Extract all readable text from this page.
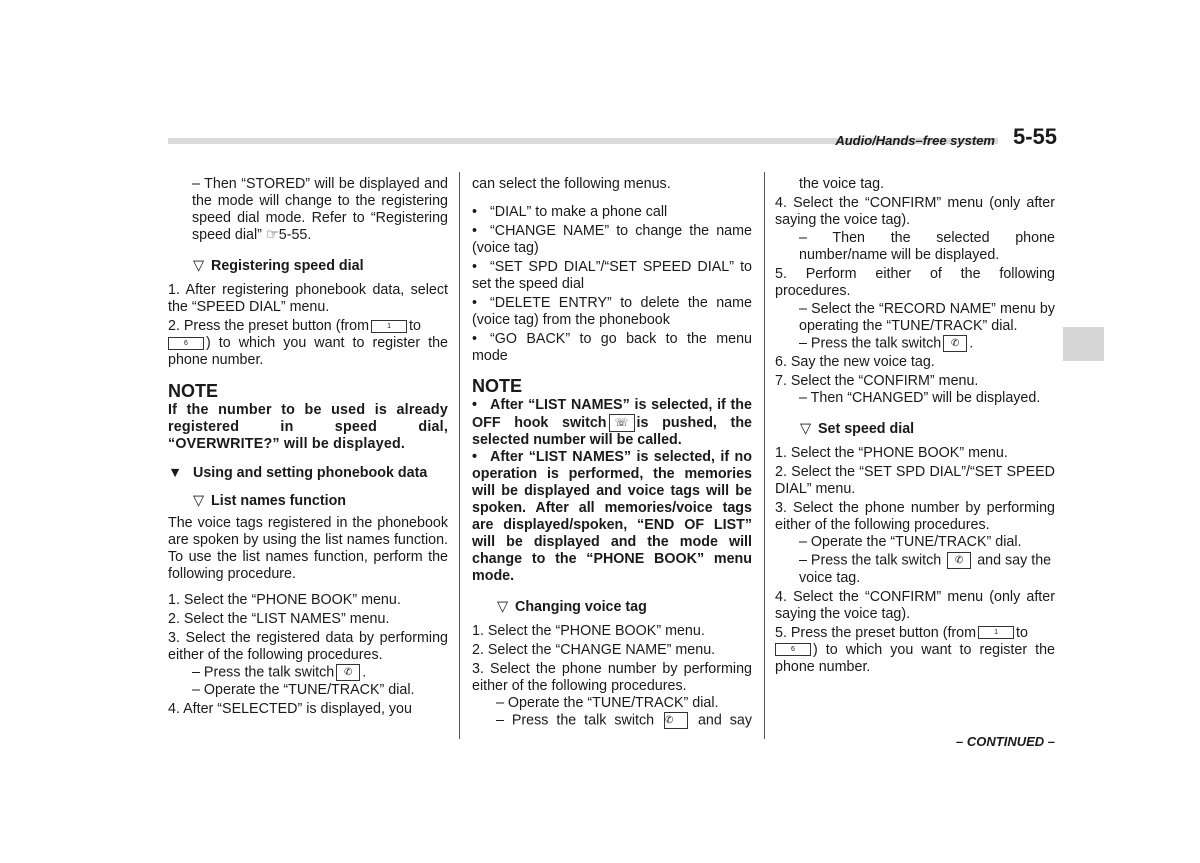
Audio/Hands–free system 5-55

– Then “STORED” will be displayed and the mode will change to the registering speed dial mode. Refer to “Registering speed dial” ☞5-55.

▽ Registering speed dial

1. After registering phonebook data, select the “SPEED DIAL” menu.

2. Press the preset button (from	1 to
6 ) to which you want to register the phone number.

NOTE

If the number to be used is already registered in speed dial, “OVERWRITE?” will be displayed.

▼ Using and setting phonebook data

▽ List names function

The voice tags registered in the phonebook are spoken by using the list names function. To use the list names function, perform the following procedure.

1. Select the “PHONE BOOK” menu.

2. Select the “LIST NAMES” menu.

3. Select the registered data by performing either of the following procedures.

– Press the talk switch ✆ .

– Operate the “TUNE/TRACK” dial.

4. After “SELECTED” is displayed, you

can select the following menus.

• “DIAL” to make a phone call

• “CHANGE NAME” to change the name (voice tag)

• “SET SPD DIAL”/“SET SPEED DIAL” to set the speed dial

• “DELETE ENTRY” to delete the name (voice tag) from the phonebook

• “GO BACK” to go back to the menu mode

NOTE

• After “LIST NAMES” is selected, if the OFF hook switch ☏ is pushed, the selected number will be called.

• After “LIST NAMES” is selected, if no operation is performed, the memories will be displayed and voice tags will be spoken. After all memories/voice tags are displayed/spoken, “END OF LIST” will be displayed and the mode will change to the “PHONE BOOK” menu mode.

▽ Changing voice tag

1. Select the “PHONE BOOK” menu.

2. Select the “CHANGE NAME” menu.

3. Select the phone number by performing either of the following procedures.

– Operate the “TUNE/TRACK” dial.

– Press the talk switch ✆ and say

the voice tag.

4. Select the “CONFIRM” menu (only after saying the voice tag).

– Then the selected phone number/name will be displayed.

5. Perform either of the following procedures.

– Select the “RECORD NAME” menu by operating the “TUNE/TRACK” dial.

– Press the talk switch ✆ .

6. Say the new voice tag.

7. Select the “CONFIRM” menu.

– Then “CHANGED” will be displayed.

▽ Set speed dial

1. Select the “PHONE BOOK” menu.

2. Select the “SET SPD DIAL”/“SET SPEED DIAL” menu.

3. Select the phone number by performing either of the following procedures.

– Operate the “TUNE/TRACK” dial.

– Press the talk switch ✆ and say the voice tag.

4. Select the “CONFIRM” menu (only after saying the voice tag).

5. Press the preset button (from	1 to
6 ) to which you want to register the phone number.

– CONTINUED –
